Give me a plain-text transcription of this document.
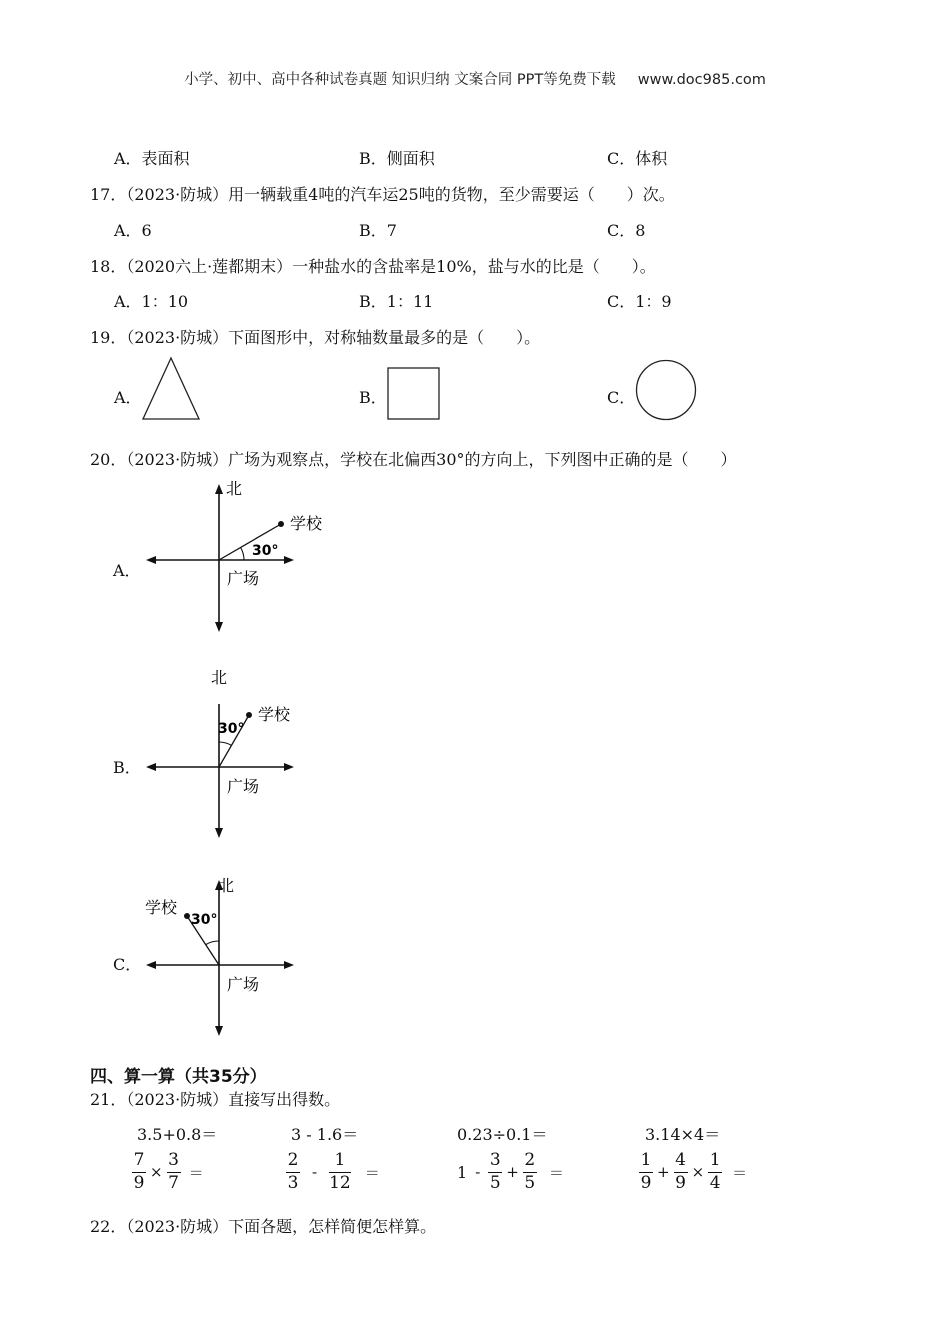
小学、初中、高中各种试卷真题 知识归纳 文案合同 PPT等免费下载 www.doc985.com
A．表面积	B．侧面积	C．体积
17．（2023·防城）用一辆载重4吨的汽车运25吨的货物，至少需要运（　　）次。
A．6	B．7	C．8
18．（2020六上·莲都期末）一种盐水的含盐率是10%，盐与水的比是（　　）。
A．1：10	B．1：11	C．1：9
19．（2023·防城）下面图形中，对称轴数量最多的是（　　）。
A．	B．	C．
20．（2023·防城）广场为观察点，学校在北偏西30°的方向上，下列图中正确的是（　　）
A．
北
学校
30°
广场
B．
北
学校
30°
广场
C．
北
学校
30°
广场
四、算一算（共35分）
21．（2023·防城）直接写出得数。
3.5+0.8＝	3 - 1.6＝	0.23÷0.1＝	3.14×4＝
$\frac{7}{9} \times \frac{3}{7}$ ＝	$\frac{2}{3} - \frac{1}{12}$ ＝	$1 - \frac{3}{5} + \frac{2}{5}$ ＝	$\frac{1}{9} + \frac{4}{9} \times \frac{1}{4}$ ＝
22．（2023·防城）下面各题，怎样简便怎样算。
